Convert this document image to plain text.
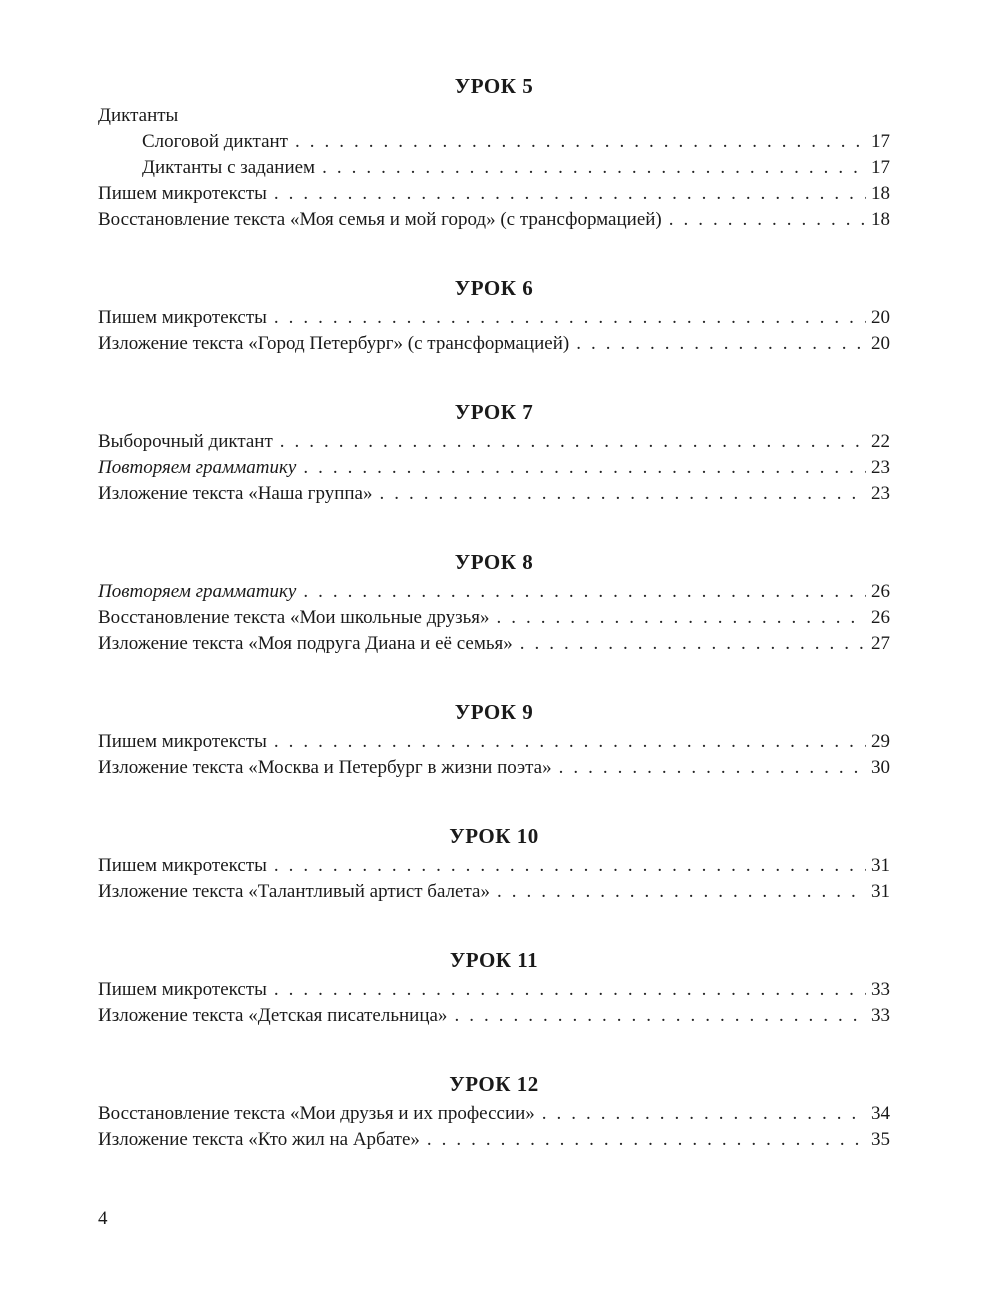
УРОК 5
Диктанты
Слоговой диктант .....	17
Диктанты с заданием .....	17
Пишем микротексты .....	18
Восстановление текста «Моя семья и мой город» (с трансформацией) .....	18
УРОК 6
Пишем микротексты .....	20
Изложение текста «Город Петербург» (с трансформацией) .....	20
УРОК 7
Выборочный диктант .....	22
Повторяем грамматику .....	23
Изложение текста «Наша группа» .....	23
УРОК 8
Повторяем грамматику .....	26
Восстановление текста «Мои школьные друзья» .....	26
Изложение текста «Моя подруга Диана и её семья» .....	27
УРОК 9
Пишем микротексты .....	29
Изложение текста «Москва и Петербург в жизни поэта» .....	30
УРОК 10
Пишем микротексты .....	31
Изложение текста «Талантливый артист балета» .....	31
УРОК 11
Пишем микротексты .....	33
Изложение текста «Детская писательница» .....	33
УРОК 12
Восстановление текста «Мои друзья и их профессии» .....	34
Изложение текста «Кто жил на Арбате» .....	35
4
